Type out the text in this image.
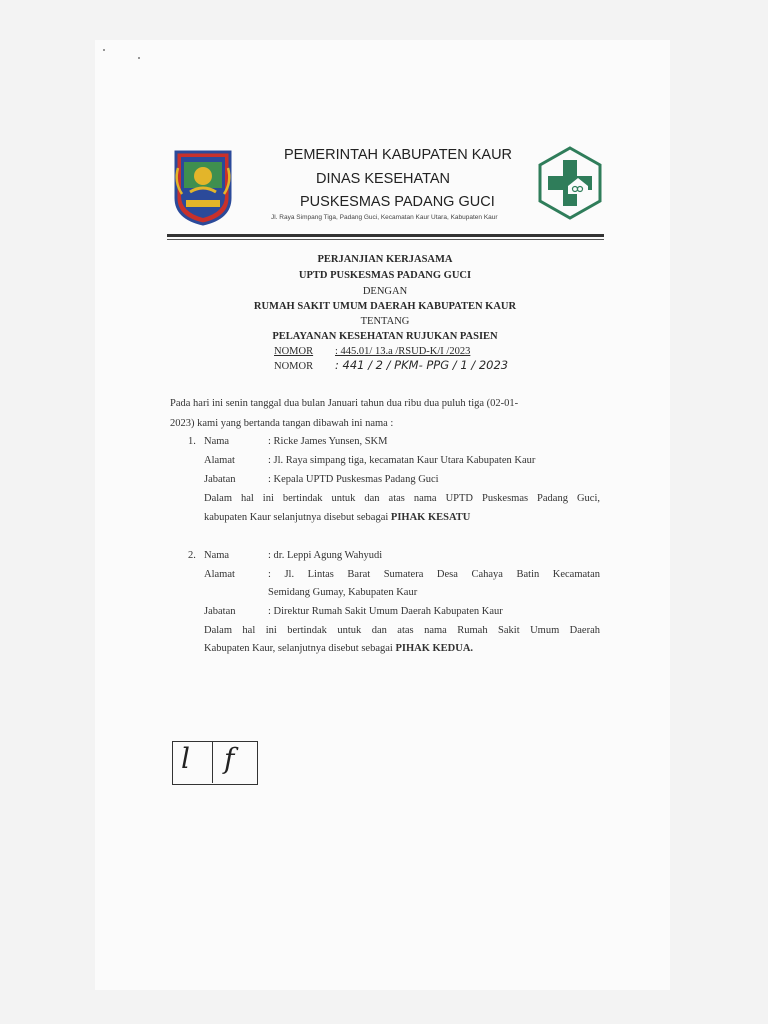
PEMERINTAH KABUPATEN KAUR
DINAS KESEHATAN
PUSKESMAS PADANG GUCI
Jl. Raya Simpang Tiga, Padang Guci, Kecamatan Kaur Utara, Kabupaten Kaur
PERJANJIAN KERJASAMA
UPTD PUSKESMAS PADANG GUCI
DENGAN
RUMAH SAKIT UMUM DAERAH KABUPATEN KAUR
TENTANG
PELAYANAN KESEHATAN RUJUKAN PASIEN
NOMOR : 445.01/ 13.a /RSUD-K/I /2023
NOMOR : 441 / 2 / PKM- PPG / 1 / 2023
Pada hari ini senin tanggal dua bulan Januari tahun dua ribu dua puluh tiga (02-01-
2023) kami yang bertanda tangan dibawah ini nama :
1. Nama	: Ricke James Yunsen, SKM
Alamat	: Jl. Raya simpang tiga, kecamatan Kaur Utara Kabupaten Kaur
Jabatan	: Kepala UPTD Puskesmas Padang Guci
Dalam hal ini bertindak untuk dan atas nama UPTD Puskesmas Padang Guci,
kabupaten Kaur selanjutnya disebut sebagai PIHAK KESATU
2. Nama	: dr. Leppi Agung Wahyudi
Alamat	: Jl. Lintas Barat Sumatera Desa Cahaya Batin Kecamatan
Semidang Gumay, Kabupaten Kaur
Jabatan	: Direktur Rumah Sakit Umum Daerah Kabupaten Kaur
Dalam hal ini bertindak untuk dan atas nama Rumah Sakit Umum Daerah
Kabupaten Kaur, selanjutnya disebut sebagai PIHAK KEDUA.
l f
